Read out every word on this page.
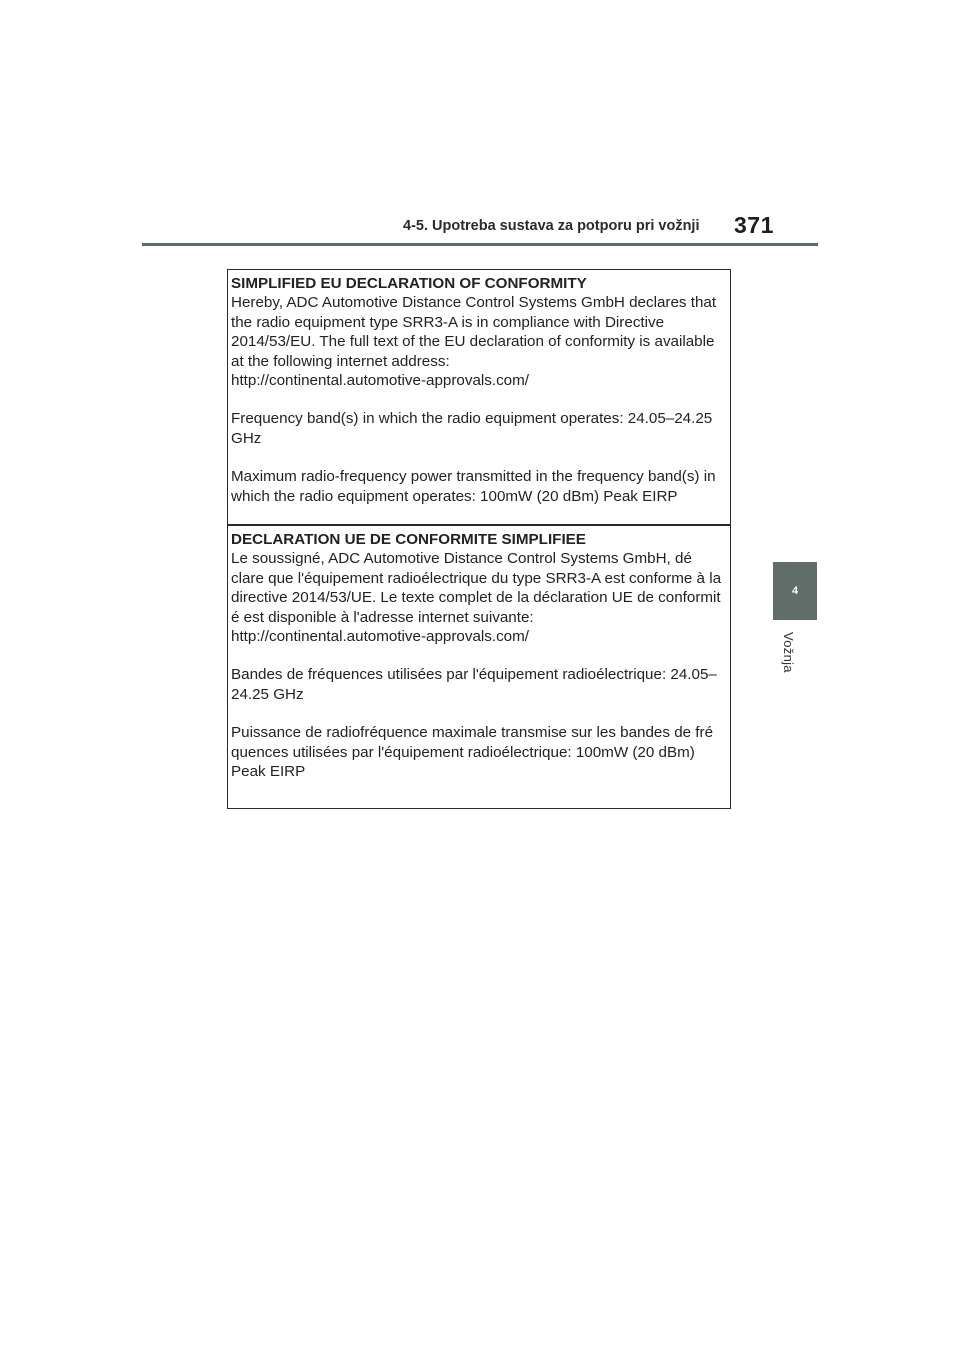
4-5. Upotreba sustava za potporu pri vožnji 371
4
Vožnja
SIMPLIFIED EU DECLARATION OF CONFORMITY

Hereby, ADC Automotive Distance Control Systems GmbH declares that
the radio equipment type SRR3-A is in compliance with Directive
2014/53/EU. The full text of the EU declaration of conformity is available
at the following internet address:

http://continental.automotive-approvals.com/

Frequency band(s) in which the radio equipment operates: 24.05–24.25
GHz

Maximum radio-frequency power transmitted in the frequency band(s) in
which the radio equipment operates: 100mW (20 dBm) Peak EIRP

DECLARATION UE DE CONFORMITE SIMPLIFIEE

Le soussigné, ADC Automotive Distance Control Systems GmbH, dé
clare que l'équipement radioélectrique du type SRR3-A est conforme à la
directive 2014/53/UE. Le texte complet de la déclaration UE de conformit
é est disponible à l'adresse internet suivante:

http://continental.automotive-approvals.com/

Bandes de fréquences utilisées par l'équipement radioélectrique: 24.05–
24.25 GHz

Puissance de radiofréquence maximale transmise sur les bandes de fré
quences utilisées par l'équipement radioélectrique: 100mW (20 dBm)
Peak EIRP
